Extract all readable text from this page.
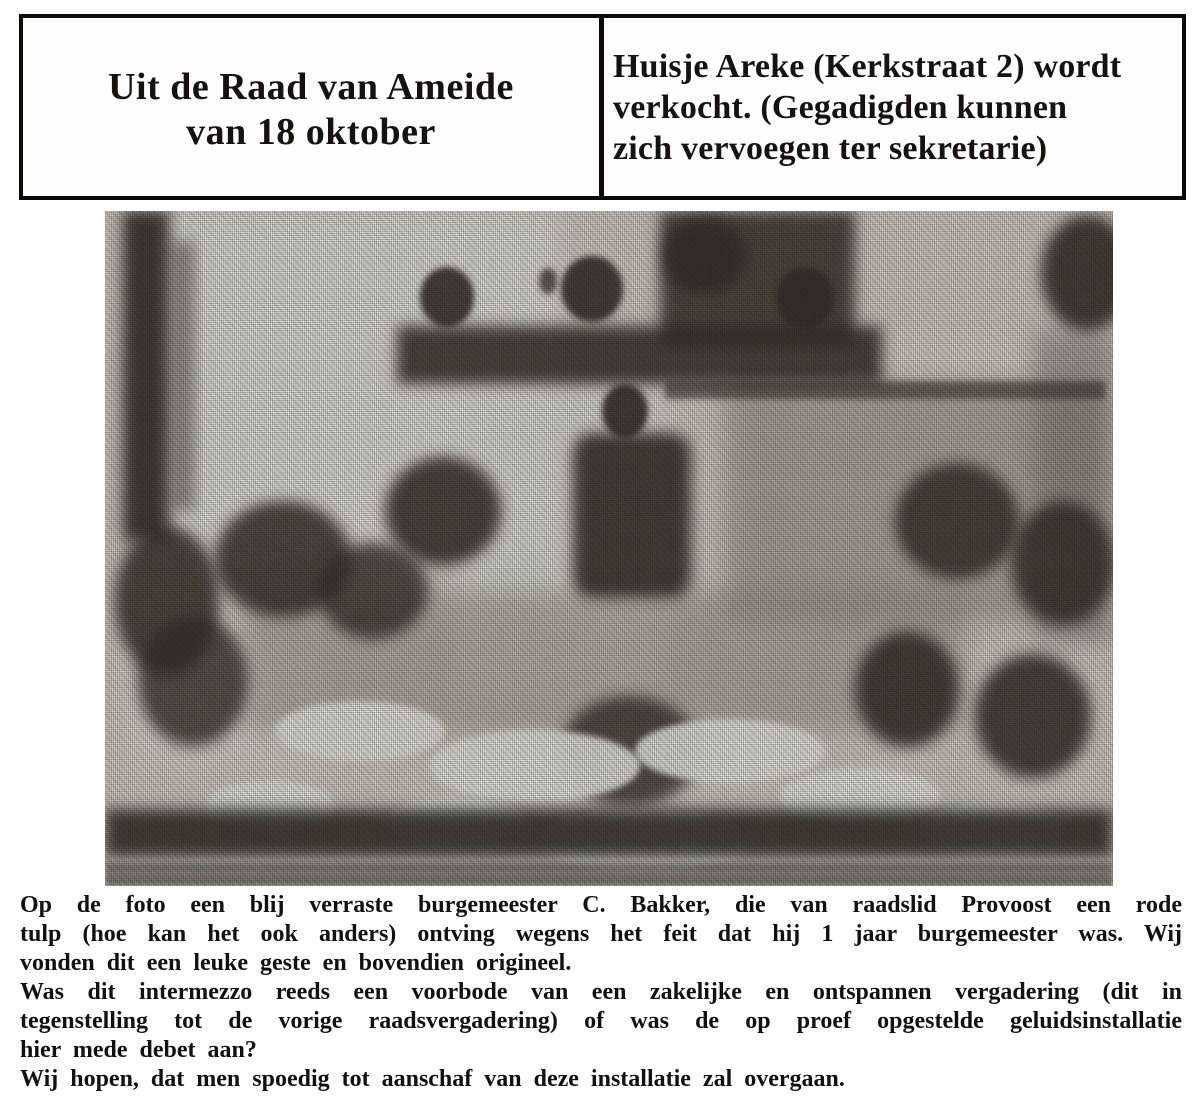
Uit de Raad van Ameide
van 18 oktober
Huisje Areke (Kerkstraat 2) wordt
verkocht. (Gegadigden kunnen
zich vervoegen ter sekretarie)
Op de foto een blij verraste burgemeester C. Bakker, die van raadslid Provoost een rode
tulp (hoe kan het ook anders) ontving wegens het feit dat hij 1 jaar burgemeester was. Wij
vonden dit een leuke geste en bovendien origineel.
Was dit intermezzo reeds een voorbode van een zakelijke en ontspannen vergadering (dit in
tegenstelling tot de vorige raadsvergadering) of was de op proef opgestelde geluidsinstallatie
hier mede debet aan?
Wij hopen, dat men spoedig tot aanschaf van deze installatie zal overgaan.
